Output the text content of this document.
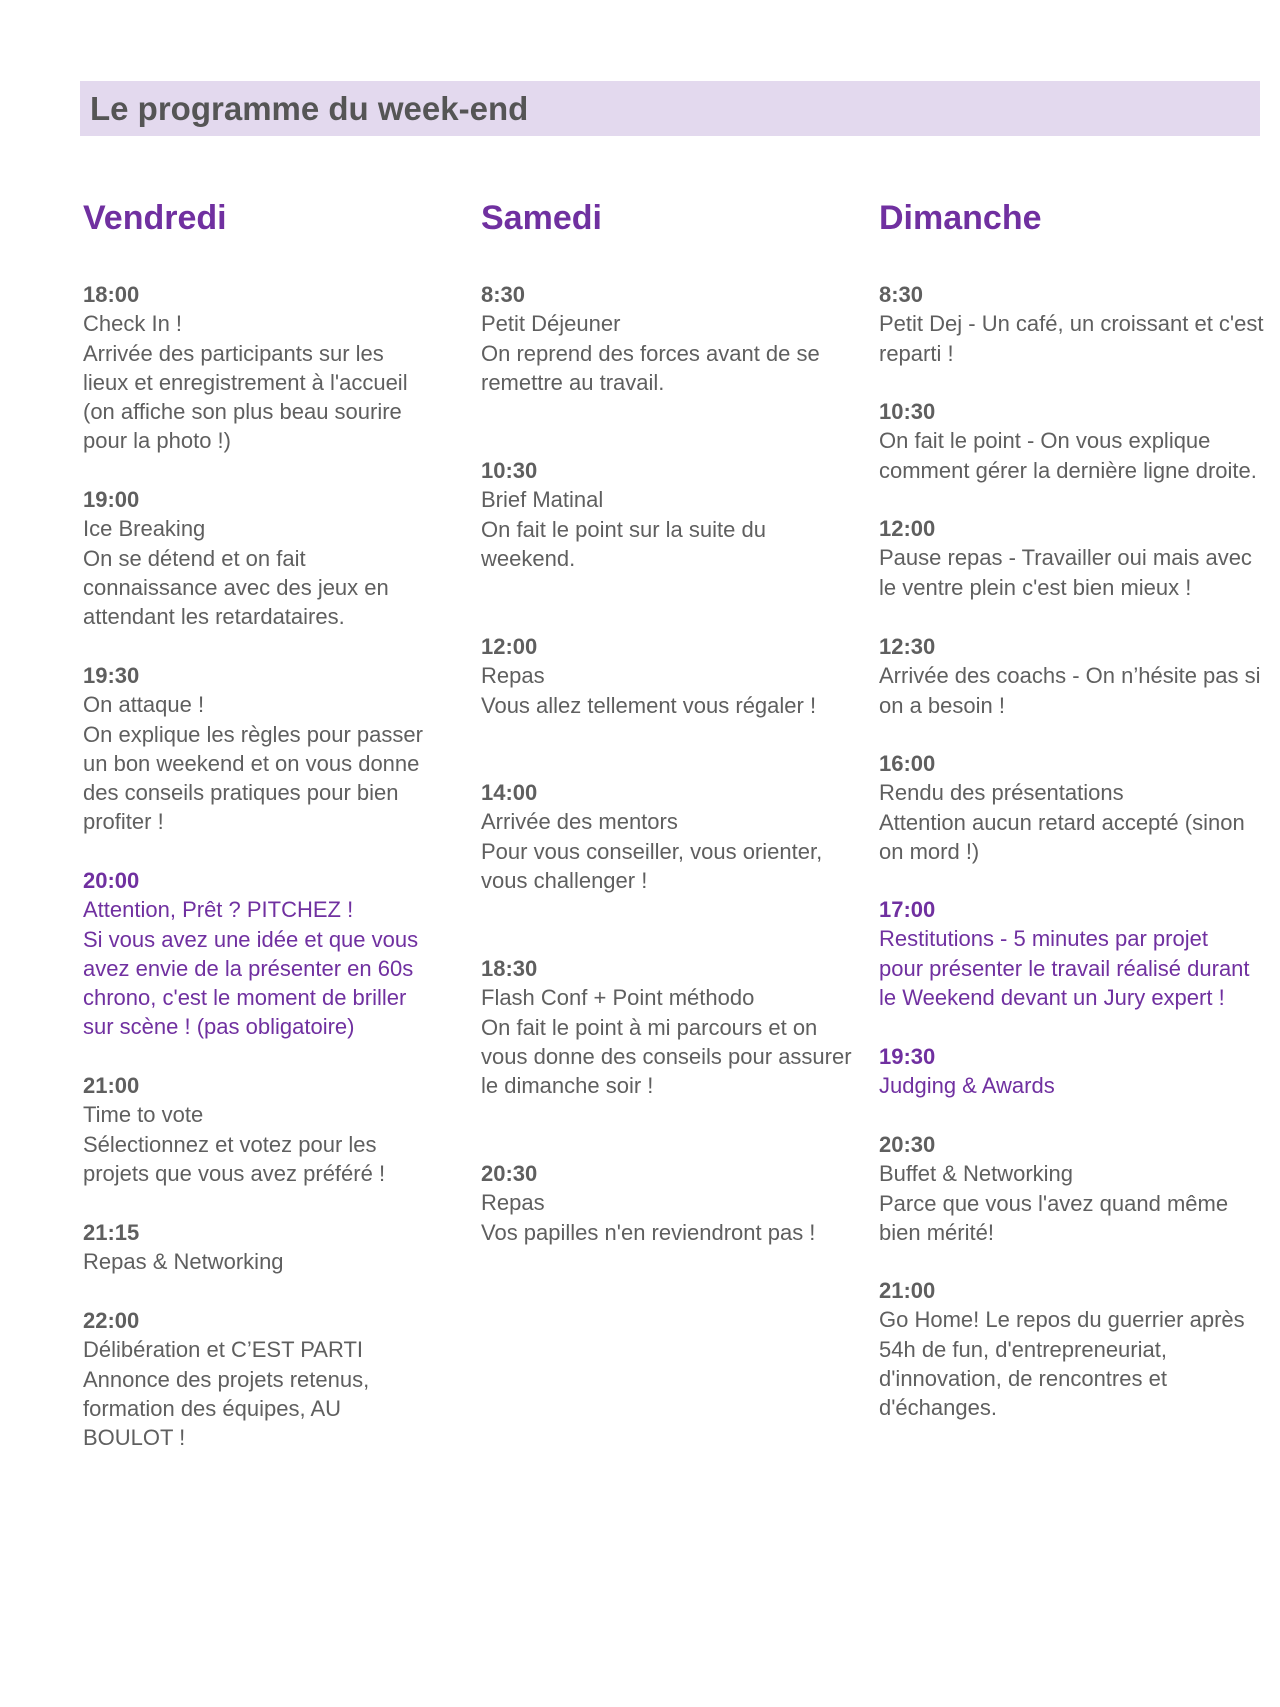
Le programme du week-end
Vendredi
18:00
Check In !
Arrivée des participants sur les
lieux et enregistrement à l'accueil
(on affiche son plus beau sourire
pour la photo !)
19:00
Ice Breaking
On se détend et on fait
connaissance avec des jeux en
attendant les retardataires.
19:30
On attaque !
On explique les règles pour passer
un bon weekend et on vous donne
des conseils pratiques pour bien
profiter !
20:00
Attention, Prêt ? PITCHEZ !
Si vous avez une idée et que vous
avez envie de la présenter en 60s
chrono, c'est le moment de briller
sur scène ! (pas obligatoire)
21:00
Time to vote
Sélectionnez et votez pour les
projets que vous avez préféré !
21:15
Repas & Networking
22:00
Délibération et C’EST PARTI
Annonce des projets retenus,
formation des équipes, AU
BOULOT !
Samedi
8:30
Petit Déjeuner
On reprend des forces avant de se
remettre au travail.
10:30
Brief Matinal
On fait le point sur la suite du
weekend.
12:00
Repas
Vous allez tellement vous régaler !
14:00
Arrivée des mentors
Pour vous conseiller, vous orienter,
vous challenger !
18:30
Flash Conf + Point méthodo
On fait le point à mi parcours et on
vous donne des conseils pour assurer
le dimanche soir !
20:30
Repas
Vos papilles n'en reviendront pas !
Dimanche
8:30
Petit Dej - Un café, un croissant et c'est
reparti !
10:30
On fait le point - On vous explique
comment gérer la dernière ligne droite.
12:00
Pause repas - Travailler oui mais avec
le ventre plein c'est bien mieux !
12:30
Arrivée des coachs - On n’hésite pas si
on a besoin !
16:00
Rendu des présentations
Attention aucun retard accepté (sinon
on mord !)
17:00
Restitutions - 5 minutes par projet
pour présenter le travail réalisé durant
le Weekend devant un Jury expert !
19:30
Judging & Awards
20:30
Buffet & Networking
Parce que vous l'avez quand même
bien mérité!
21:00
Go Home! Le repos du guerrier après
54h de fun, d'entrepreneuriat,
d'innovation, de rencontres et
d'échanges.
